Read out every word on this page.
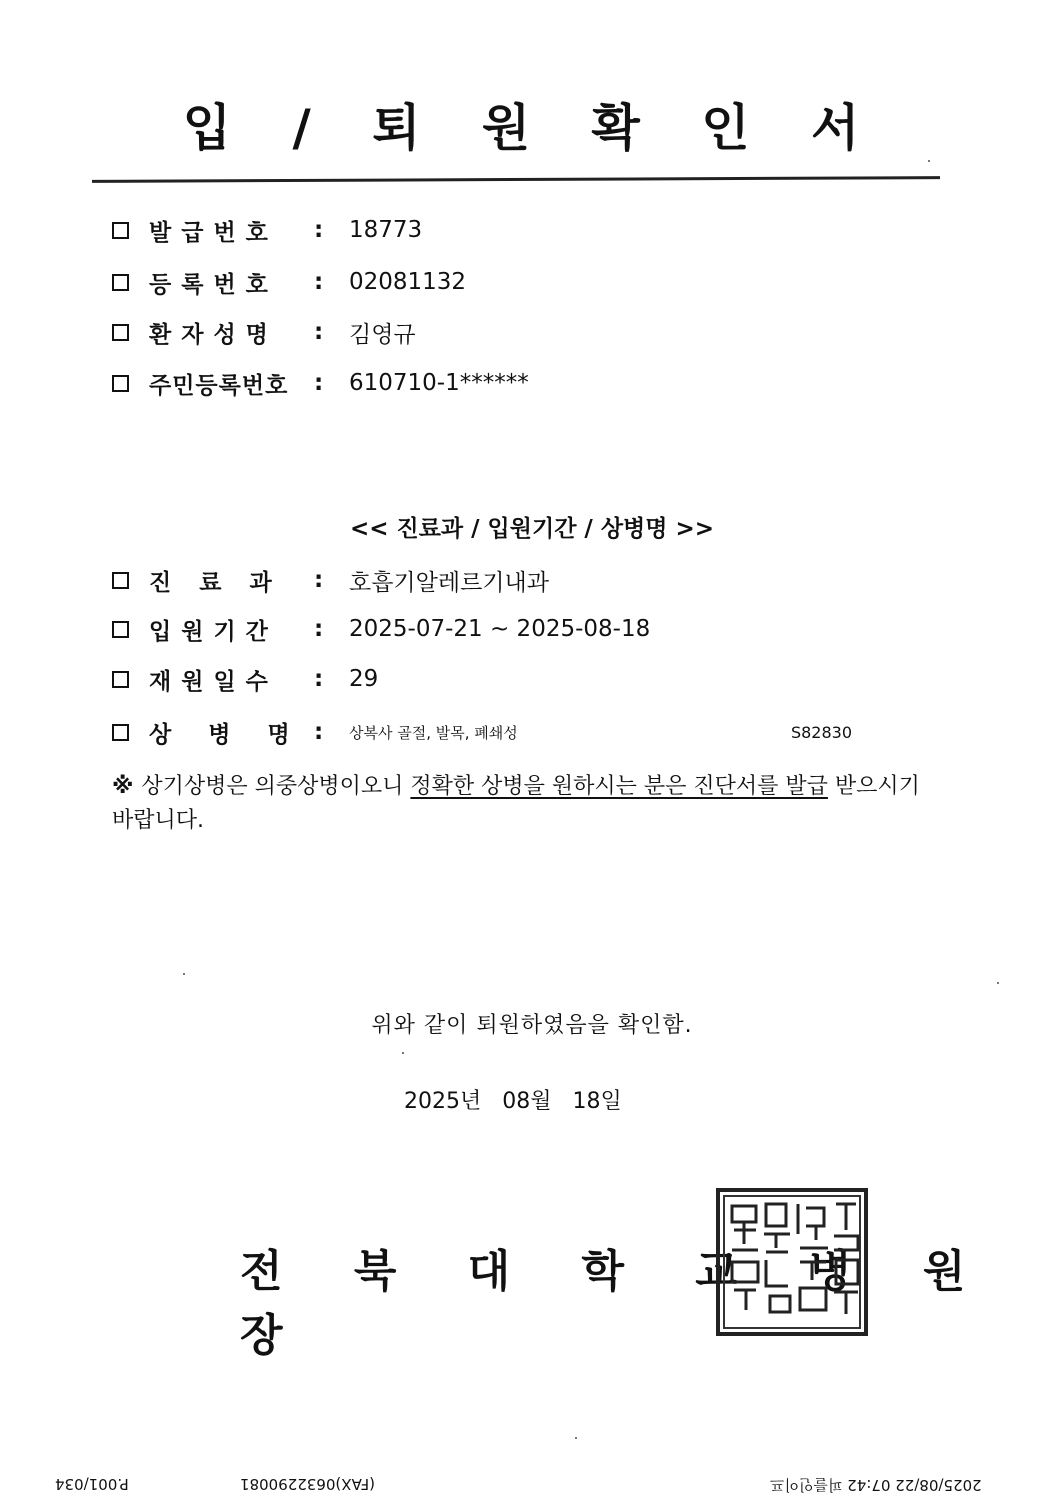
입 / 퇴 원 확 인 서
발 급 번 호	:	18773
등 록 번 호	:	02081132
환 자 성 명	:	김영규
주민등록번호	:	610710-1******
<< 진료과 / 입원기간 / 상병명 >>
진   료   과	:	호흡기알레르기내과
입 원 기 간	:	2025-07-21 ~ 2025-08-18
재 원 일 수	:	29
상    병    명	:	상복사 골절, 발목, 폐쇄성	S82830
※ 상기상병은 의중상병이오니 정확한 상병을 원하시는 분은 진단서를 발급 받으시기 바랍니다.
위와 같이 퇴원하였음을 확인함.
2025년 08월 18일
전 북 대 학 교 병 원 장
P.001/034	(FAX)0632290081	2025/08/22 07:42 피를인이프
